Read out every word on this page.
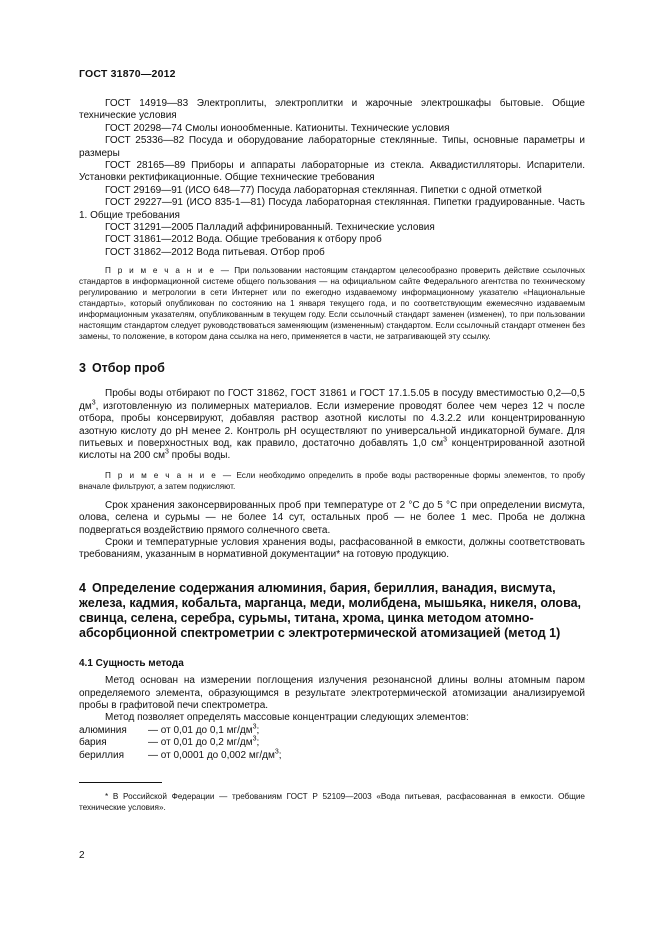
ГОСТ 31870—2012

ГОСТ 14919—83 Электроплиты, электроплитки и жарочные электрошкафы бытовые. Общие технические условия

ГОСТ 20298—74 Смолы ионообменные. Катиониты. Технические условия

ГОСТ 25336—82 Посуда и оборудование лабораторные стеклянные. Типы, основные параметры и размеры

ГОСТ 28165—89 Приборы и аппараты лабораторные из стекла. Аквадистилляторы. Испарители. Установки ректификационные. Общие технические требования

ГОСТ 29169—91 (ИСО 648—77) Посуда лабораторная стеклянная. Пипетки с одной отметкой

ГОСТ 29227—91 (ИСО 835-1—81) Посуда лабораторная стеклянная. Пипетки градуированные. Часть 1. Общие требования

ГОСТ 31291—2005 Палладий аффинированный. Технические условия

ГОСТ 31861—2012 Вода. Общие требования к отбору проб

ГОСТ 31862—2012 Вода питьевая. Отбор проб

П р и м е ч а н и е — При пользовании настоящим стандартом целесообразно проверить действие ссылочных стандартов в информационной системе общего пользования — на официальном сайте Федерального агентства по техническому регулированию и метрологии в сети Интернет или по ежегодно издаваемому информационному указателю «Национальные стандарты», который опубликован по состоянию на 1 января текущего года, и по соответствующим ежемесячно издаваемым информационным указателям, опубликованным в текущем году. Если ссылочный стандарт заменен (изменен), то при пользовании настоящим стандартом следует руководствоваться заменяющим (измененным) стандартом. Если ссылочный стандарт отменен без замены, то положение, в котором дана ссылка на него, применяется в части, не затрагивающей эту ссылку.

3 Отбор проб

Пробы воды отбирают по ГОСТ 31862, ГОСТ 31861 и ГОСТ 17.1.5.05 в посуду вместимостью 0,2—0,5 $дм^3$, изготовленную из полимерных материалов. Если измерение проводят более чем через 12 ч после отбора, пробы консервируют, добавляя раствор азотной кислоты по 4.3.2.2 или концентрированную азотную кислоту до рН менее 2. Контроль рН осуществляют по универсальной индикаторной бумаге. Для питьевых и поверхностных вод, как правило, достаточно добавлять 1,0 $см^3$ концентрированной азотной кислоты на 200 $см^3$ пробы воды.

П р и м е ч а н и е — Если необходимо определить в пробе воды растворенные формы элементов, то пробу вначале фильтруют, а затем подкисляют.

Срок хранения законсервированных проб при температуре от 2 °С до 5 °С при определении висмута, олова, селена и сурьмы — не более 14 сут, остальных проб — не более 1 мес. Проба не должна подвергаться воздействию прямого солнечного света.

Сроки и температурные условия хранения воды, расфасованной в емкости, должны соответствовать требованиям, указанным в нормативной документации* на готовую продукцию.

4 Определение содержания алюминия, бария, бериллия, ванадия, висмута, железа, кадмия, кобальта, марганца, меди, молибдена, мышьяка, никеля, олова, свинца, селена, серебра, сурьмы, титана, хрома, цинка методом атомно-абсорбционной спектрометрии с электротермической атомизацией (метод 1)
4.1 Сущность метода

Метод основан на измерении поглощения излучения резонансной длины волны атомным паром определяемого элемента, образующимся в результате электротермической атомизации анализируемой пробы в графитовой печи спектрометра.

Метод позволяет определять массовые концентрации следующих элементов:

алюминия	— от 0,01 до 0,1 $мг/дм^3$;
бария	— от 0,01 до 0,2 $мг/дм^3$;
бериллия	— от 0,0001 до 0,002 $мг/дм^3$;

* В Российской Федерации — требованиям ГОСТ Р 52109—2003 «Вода питьевая, расфасованная в емкости. Общие технические условия».

2
